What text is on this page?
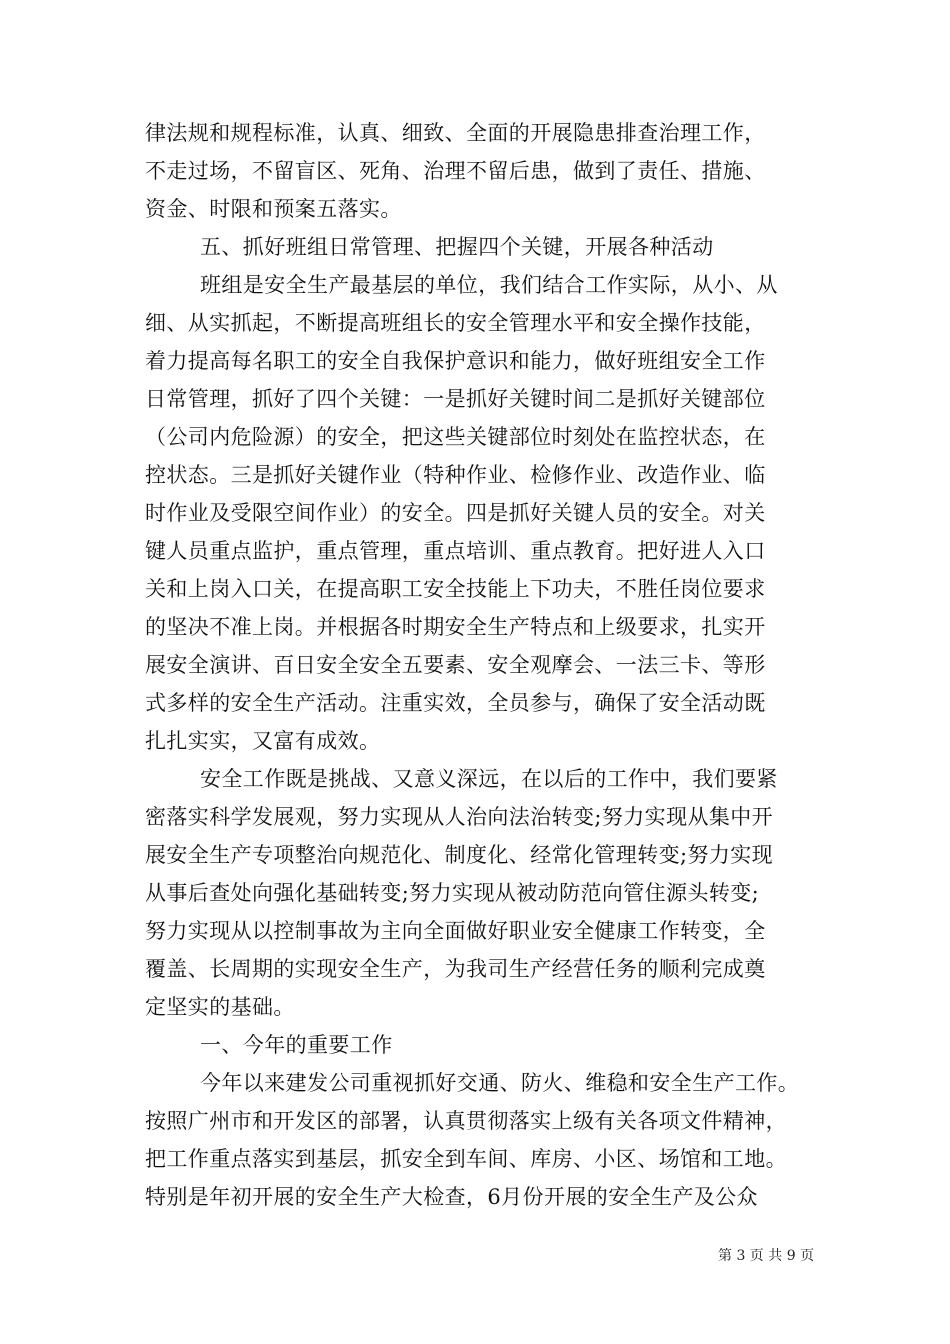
律法规和规程标准，认真、细致、全面的开展隐患排查治理工作，
不走过场，不留盲区、死角、治理不留后患，做到了责任、措施、
资金、时限和预案五落实。
五、抓好班组日常管理、把握四个关键，开展各种活动
班组是安全生产最基层的单位，我们结合工作实际，从小、从
细、从实抓起，不断提高班组长的安全管理水平和安全操作技能，
着力提高每名职工的安全自我保护意识和能力，做好班组安全工作
日常管理，抓好了四个关键：一是抓好关键时间二是抓好关键部位
（公司内危险源）的安全，把这些关键部位时刻处在监控状态，在
控状态。三是抓好关键作业（特种作业、检修作业、改造作业、临
时作业及受限空间作业）的安全。四是抓好关键人员的安全。对关
键人员重点监护，重点管理，重点培训、重点教育。把好进人入口
关和上岗入口关，在提高职工安全技能上下功夫，不胜任岗位要求
的坚决不准上岗。并根据各时期安全生产特点和上级要求，扎实开
展安全演讲、百日安全安全五要素、安全观摩会、一法三卡、等形
式多样的安全生产活动。注重实效，全员参与，确保了安全活动既
扎扎实实，又富有成效。
安全工作既是挑战、又意义深远，在以后的工作中，我们要紧
密落实科学发展观，努力实现从人治向法治转变;努力实现从集中开
展安全生产专项整治向规范化、制度化、经常化管理转变;努力实现
从事后查处向强化基础转变;努力实现从被动防范向管住源头转变;
努力实现从以控制事故为主向全面做好职业安全健康工作转变，全
覆盖、长周期的实现安全生产，为我司生产经营任务的顺利完成奠
定坚实的基础。
一、今年的重要工作
今年以来建发公司重视抓好交通、防火、维稳和安全生产工作。
按照广州市和开发区的部署，认真贯彻落实上级有关各项文件精神，
把工作重点落实到基层，抓安全到车间、库房、小区、场馆和工地。
特别是年初开展的安全生产大检查，6月份开展的安全生产及公众
第 3 页 共 9 页
